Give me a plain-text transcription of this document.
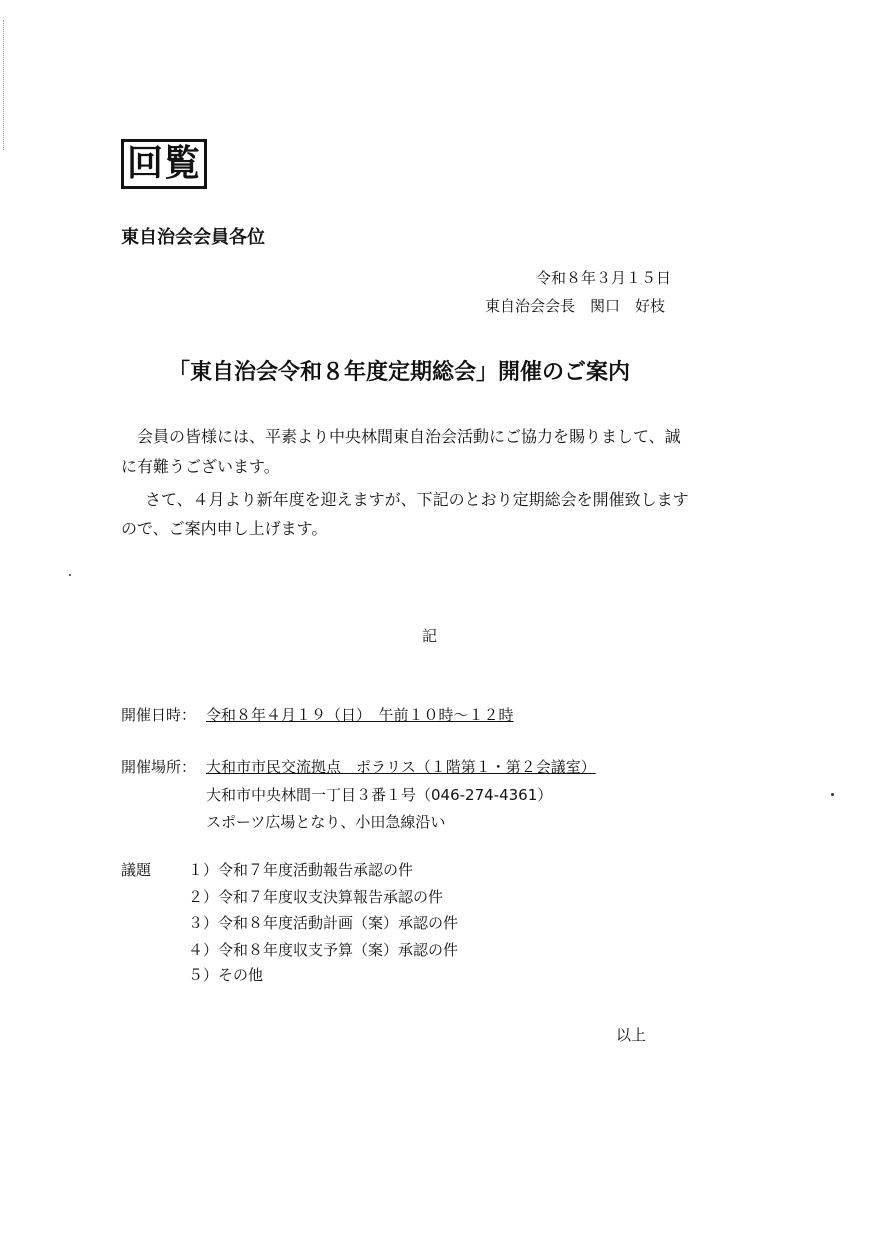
回覧
東自治会会員各位
令和８年３月１５日
東自治会会長　関口　好枝
「東自治会令和８年度定期総会」開催のご案内
会員の皆様には、平素より中央林間東自治会活動にご協力を賜りまして、誠
に有難うございます。
さて、４月より新年度を迎えますが、下記のとおり定期総会を開催致します
ので、ご案内申し上げます。
記
開催日時： 令和８年４月１９（日）　午前１０時～１２時
開催場所： 大和市市民交流拠点　ポラリス（１階第１・第２会議室）
大和市中央林間一丁目３番１号（046-274-4361）
スポーツ広場となり、小田急線沿い
議題 １）令和７年度活動報告承認の件
２）令和７年度収支決算報告承認の件
３）令和８年度活動計画（案）承認の件
４）令和８年度収支予算（案）承認の件
５）その他
以上
